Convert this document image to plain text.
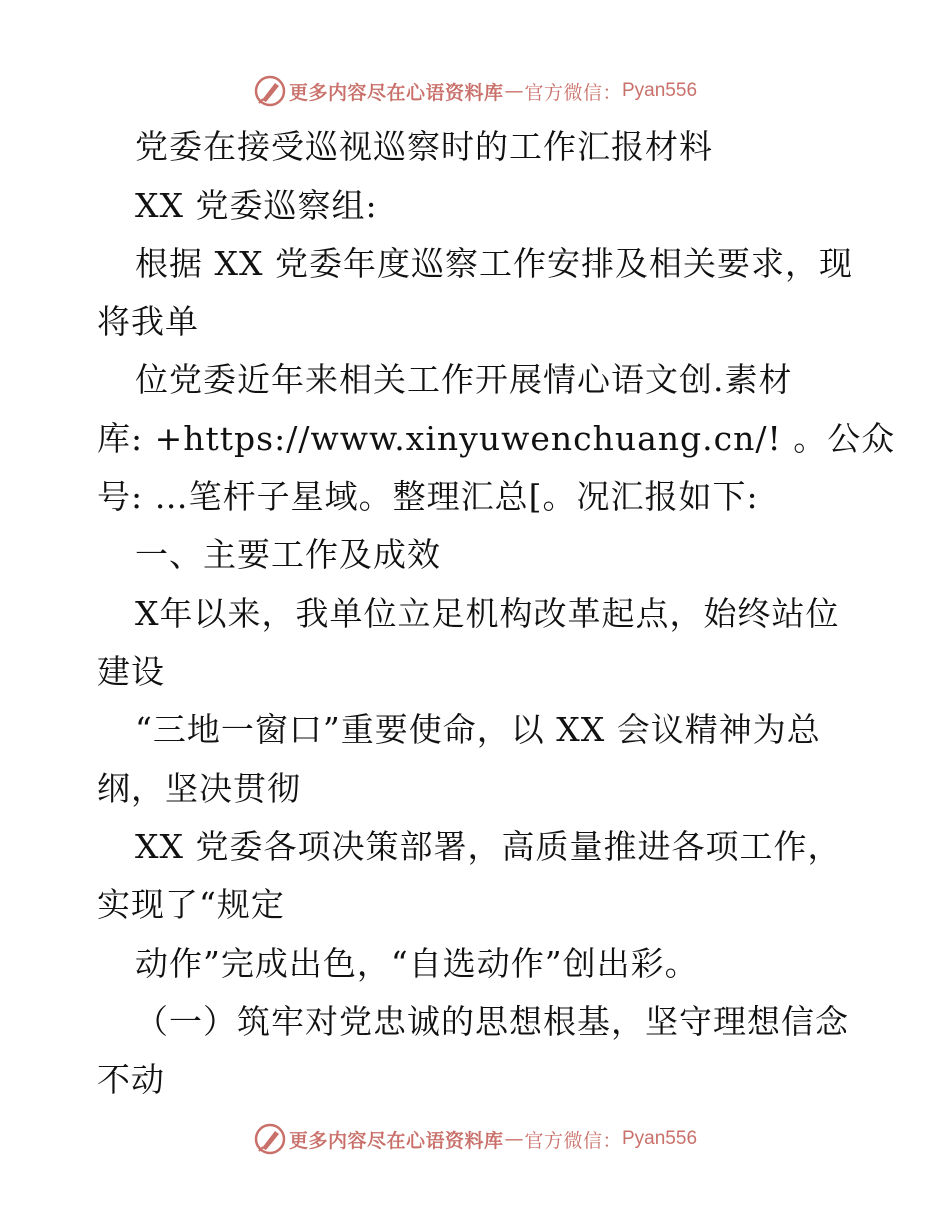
更多内容尽在心语资料库 — 官方微信： Pyan556

党委在接受巡视巡察时的工作汇报材料

XX 党委巡察组:

根据 XX 党委年度巡察工作安排及相关要求，现

将我单

位党委近年来相关工作开展情心语文创.素材

库: +https://www.xinyuwenchuang.cn/! 。公众

号: …笔杆子星域。整理汇总[。况汇报如下:

一、主要工作及成效

X年以来，我单位立足机构改革起点，始终站位

建设

“三地一窗口”重要使命，以 XX 会议精神为总

纲，坚决贯彻

XX 党委各项决策部署，高质量推进各项工作，

实现了“规定

动作”完成出色，“自选动作”创出彩。

（一）筑牢对党忠诚的思想根基，坚守理想信念

不动

更多内容尽在心语资料库 — 官方微信： Pyan556
